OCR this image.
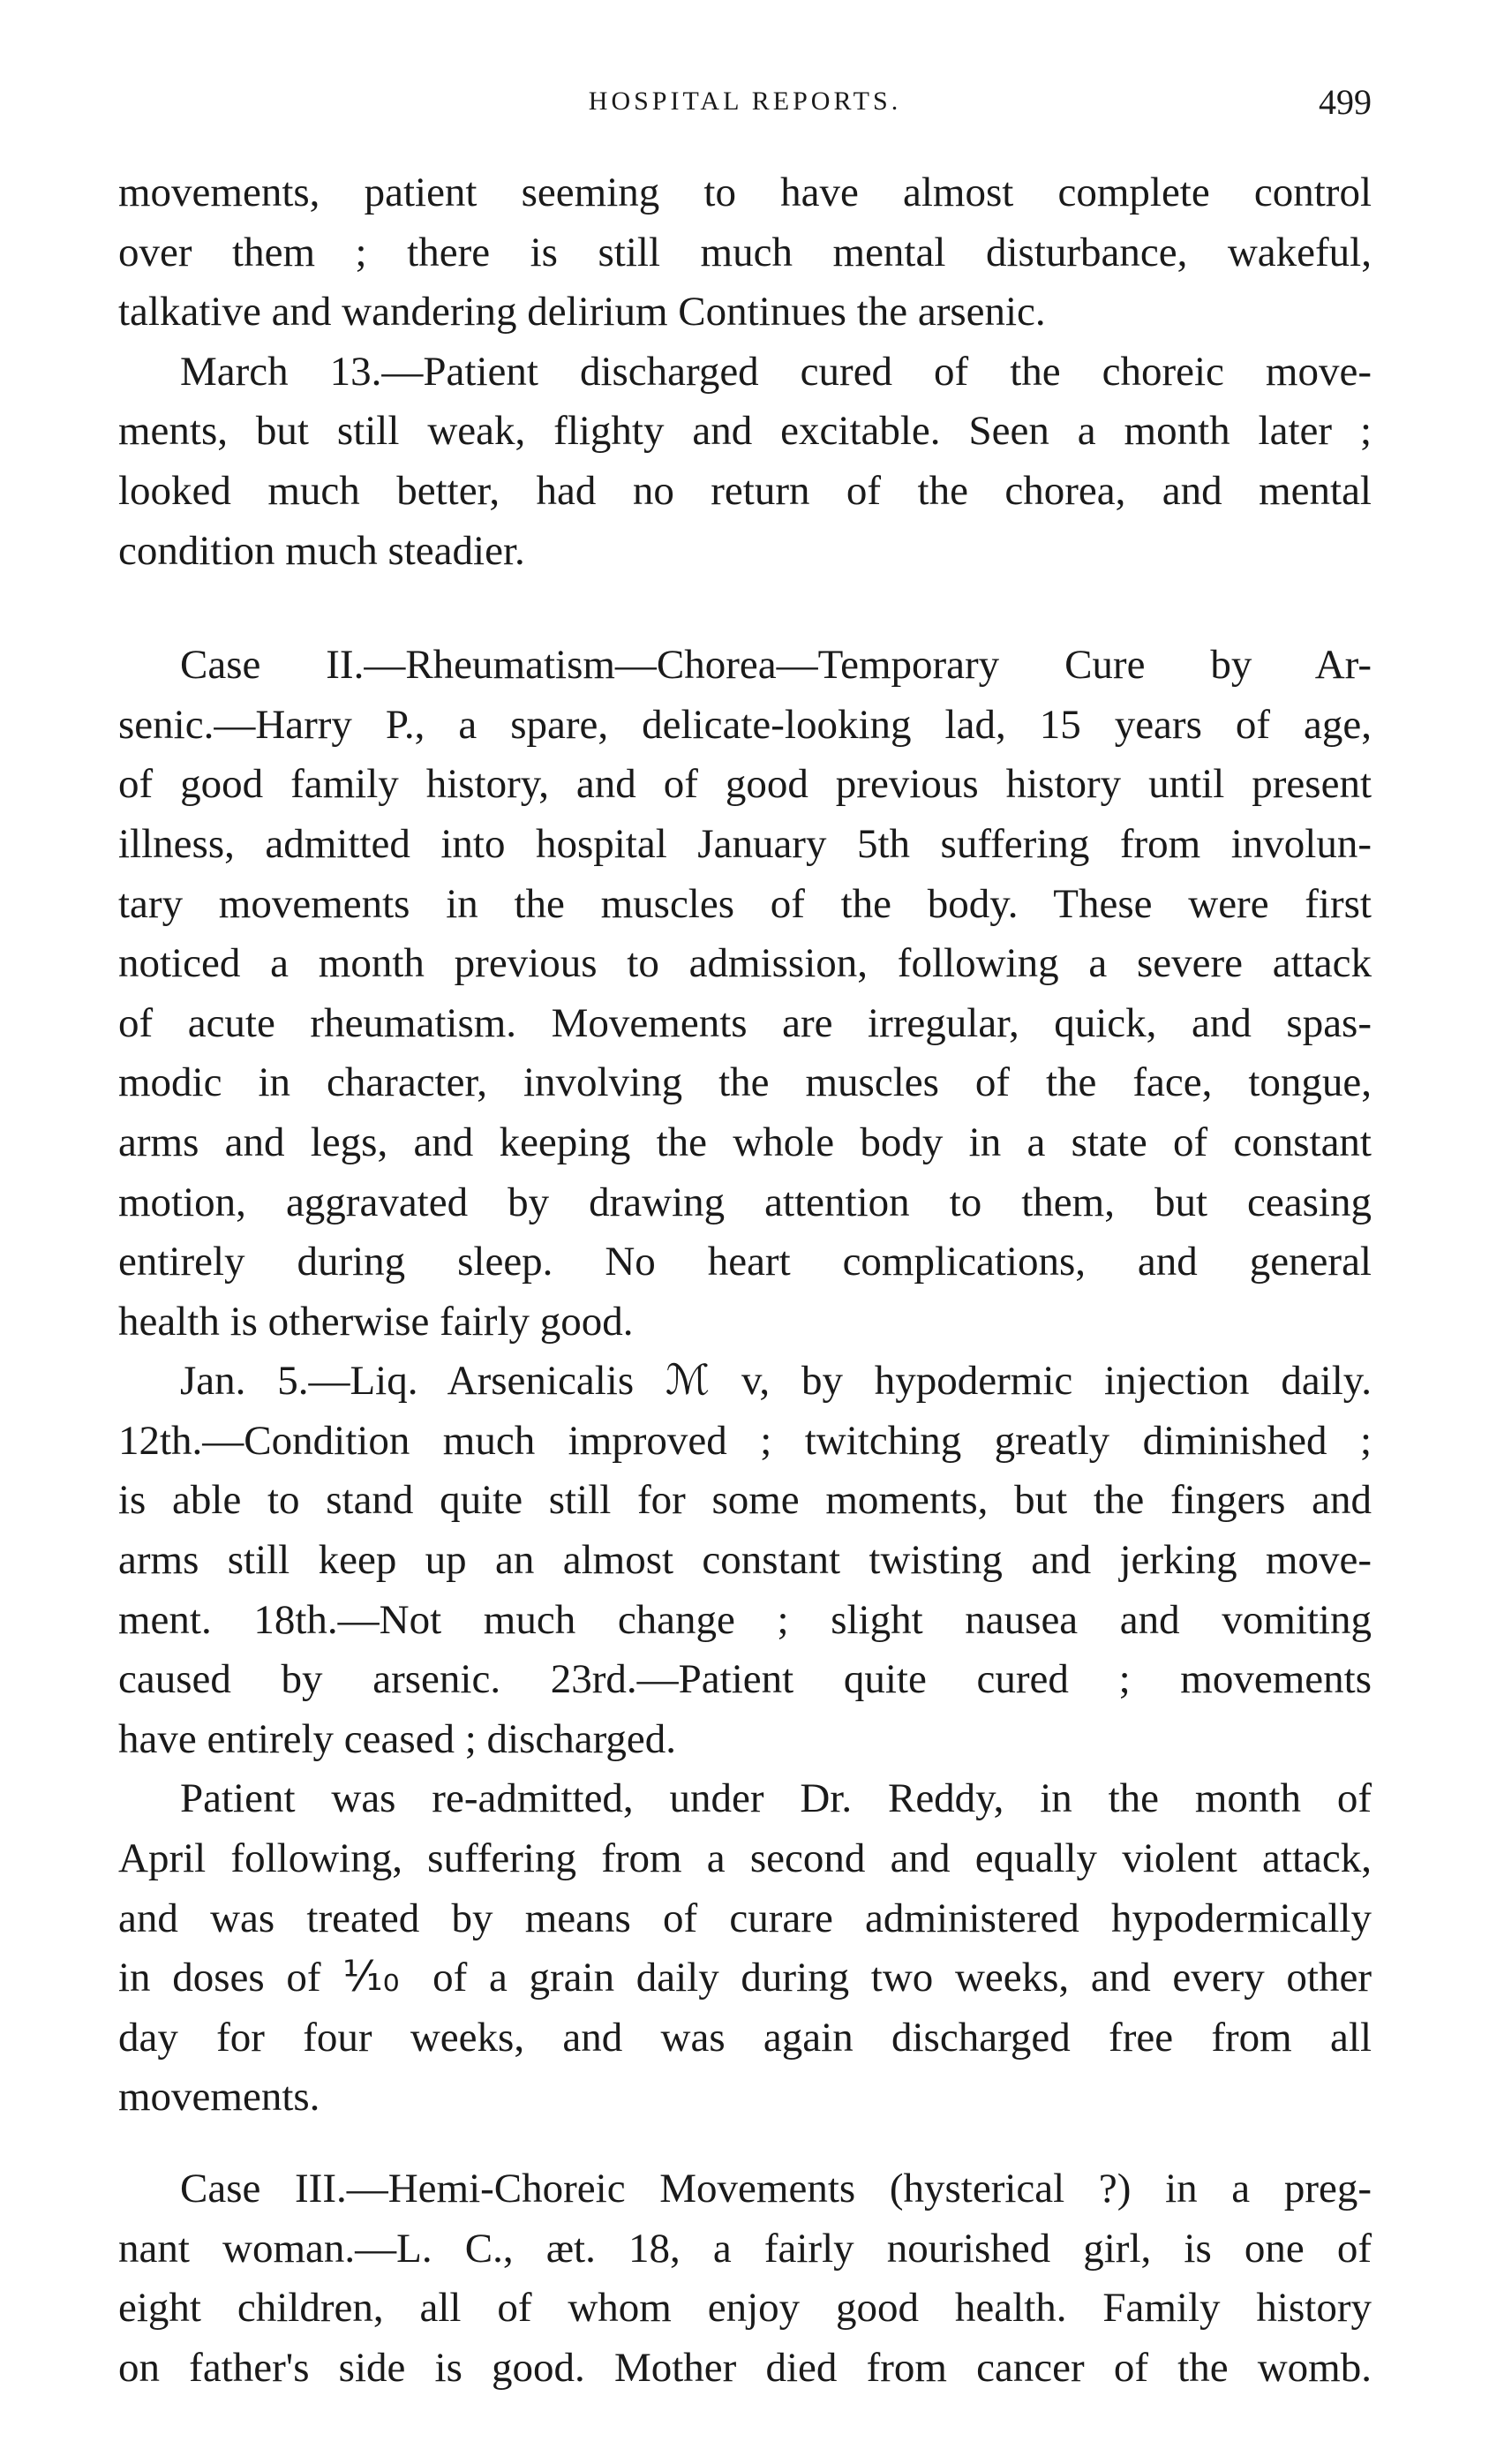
HOSPITAL REPORTS.	499

movements, patient seeming to have almost complete control
over them ; there is still much mental disturbance, wakeful,
talkative and wandering delirium Continues the arsenic.

March 13.—Patient discharged cured of the choreic move-
ments, but still weak, flighty and excitable. Seen a month later ;
looked much better, had no return of the chorea, and mental
condition much steadier.

Case II.—Rheumatism—Chorea—Temporary Cure by Ar-
senic.—Harry P., a spare, delicate-looking lad, 15 years of age,
of good family history, and of good previous history until present
illness, admitted into hospital January 5th suffering from involun-
tary movements in the muscles of the body. These were first
noticed a month previous to admission, following a severe attack
of acute rheumatism. Movements are irregular, quick, and spas-
modic in character, involving the muscles of the face, tongue,
arms and legs, and keeping the whole body in a state of constant
motion, aggravated by drawing attention to them, but ceasing
entirely during sleep. No heart complications, and general
health is otherwise fairly good.

Jan. 5.—Liq. Arsenicalis ℳ v, by hypodermic injection daily.
12th.—Condition much improved ; twitching greatly diminished ;
is able to stand quite still for some moments, but the fingers and
arms still keep up an almost constant twisting and jerking move-
ment. 18th.—Not much change ; slight nausea and vomiting
caused by arsenic. 23rd.—Patient quite cured ; movements
have entirely ceased ; discharged.

Patient was re-admitted, under Dr. Reddy, in the month of
April following, suffering from a second and equally violent attack,
and was treated by means of curare administered hypodermically
in doses of ⅒ of a grain daily during two weeks, and every other
day for four weeks, and was again discharged free from all
movements.

Case III.—Hemi-Choreic Movements (hysterical ?) in a preg-
nant woman.—L. C., æt. 18, a fairly nourished girl, is one of
eight children, all of whom enjoy good health. Family history
on father's side is good. Mother died from cancer of the womb.
